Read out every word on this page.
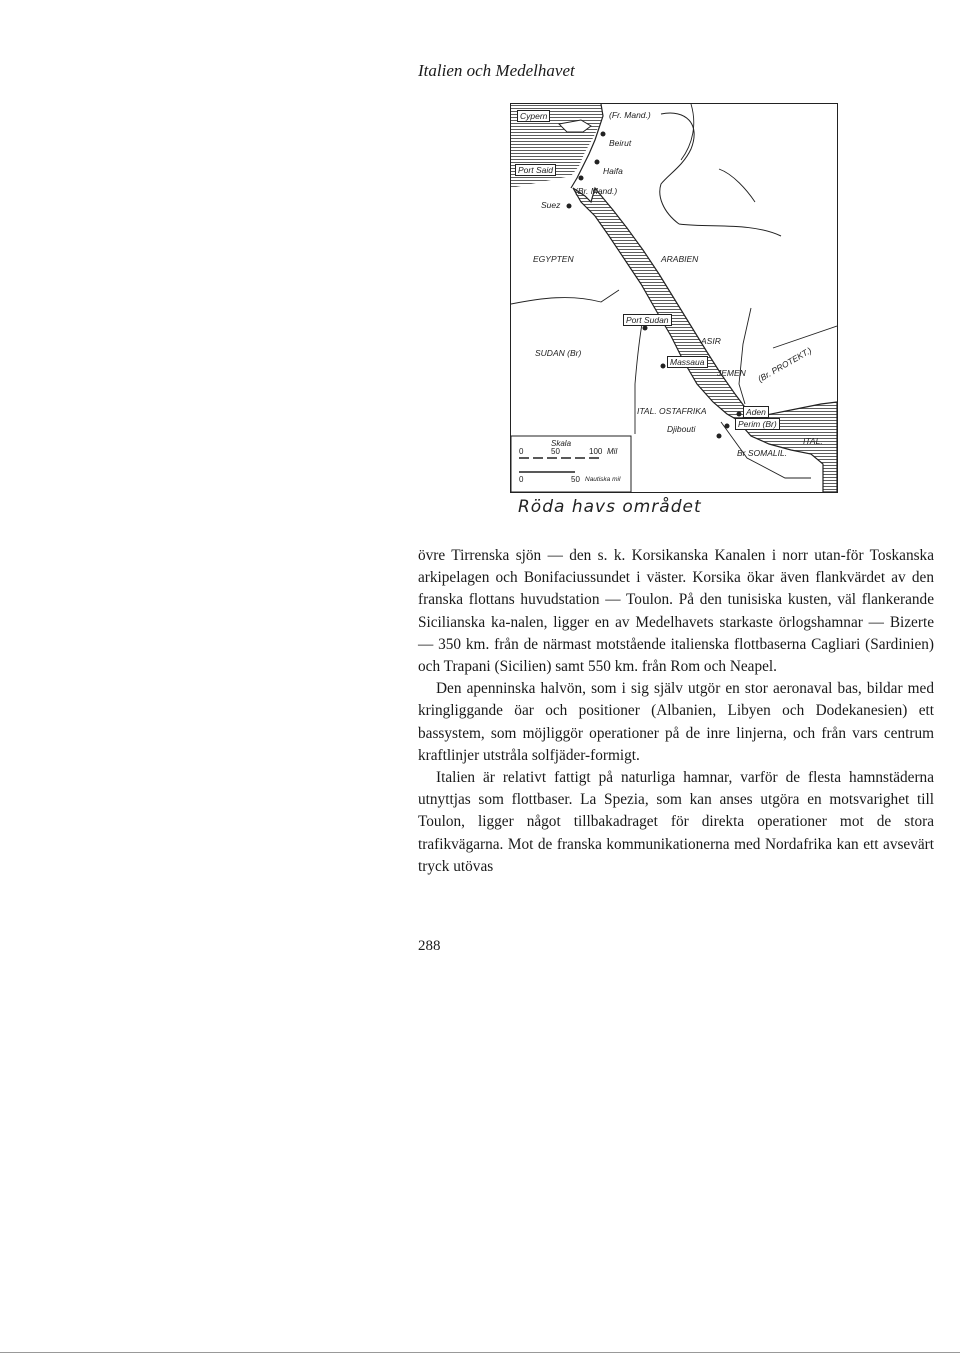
Italien och Medelhavet
Cypern	(Fr. Mand.)
Beirut
Port Said	Haifa
(Br. Mand.)
Suez
EGYPTEN	ARABIEN
Port Sudan
ASIR
SUDAN (Br)
Massaua
JEMEN (Br. PROTEKT.)
ITAL. OSTAFRIKA	Aden
Djibouti	Perim (Br)
ITAL.
Br SOMALIL.
Skala
0	50	100 Mil
0	50 Nautiska mil
Röda havs området

övre Tirrenska sjön — den s. k. Korsikanska Kanalen i norr utan-för Toskanska arkipelagen och Bonifaciussundet i väster. Korsika ökar även flankvärdet av den franska flottans huvudstation — Toulon. På den tunisiska kusten, väl flankerande Sicilianska ka-nalen, ligger en av Medelhavets starkaste örlogshamnar — Bizerte — 350 km. från de närmast motstående italienska flottbaserna Cagliari (Sardinien) och Trapani (Sicilien) samt 550 km. från Rom och Neapel.

Den apenninska halvön, som i sig själv utgör en stor aeronaval bas, bildar med kringliggande öar och positioner (Albanien, Libyen och Dodekanesien) ett bassystem, som möjliggör operationer på de inre linjerna, och från vars centrum kraftlinjer utstråla solfjäder-formigt.

Italien är relativt fattigt på naturliga hamnar, varför de flesta hamnstäderna utnyttjas som flottbaser. La Spezia, som kan anses utgöra en motsvarighet till Toulon, ligger något tillbakadraget för direkta operationer mot de stora trafikvägarna. Mot de franska kommunikationerna med Nordafrika kan ett avsevärt tryck utövas

288
